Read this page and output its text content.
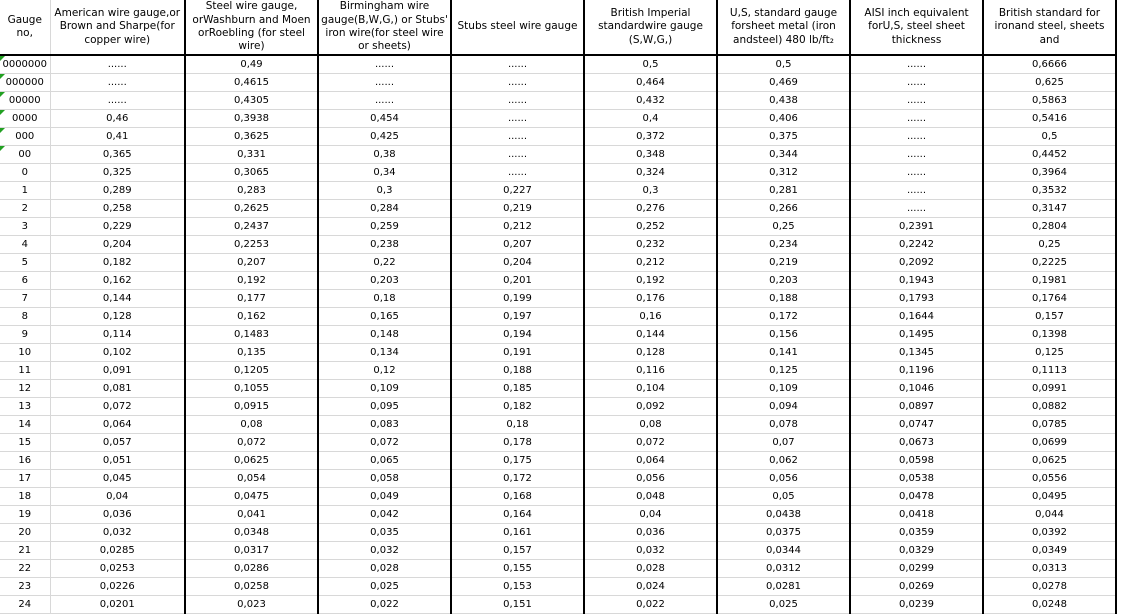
Gauge no,	American wire gauge,or Brown and Sharpe(for copper wire)	Steel wire gauge, orWashburn and Moen orRoebling (for steel wire)	Birmingham wire gauge(B,W,G,) or Stubs' iron wire(for steel wire or sheets)	Stubs steel wire gauge	British Imperial standardwire gauge (S,W,G,)	U,S, standard gauge forsheet metal (iron andsteel) 480 lb/ft₂	AISI inch equivalent forU,S, steel sheet thickness	British standard for ironand steel, sheets and
0000000	......	0,49	......	......	0,5	0,5	......	0,6666
000000	......	0,4615	......	......	0,464	0,469	......	0,625
00000	......	0,4305	......	......	0,432	0,438	......	0,5863
0000	0,46	0,3938	0,454	......	0,4	0,406	......	0,5416
000	0,41	0,3625	0,425	......	0,372	0,375	......	0,5
00	0,365	0,331	0,38	......	0,348	0,344	......	0,4452
0	0,325	0,3065	0,34	......	0,324	0,312	......	0,3964
1	0,289	0,283	0,3	0,227	0,3	0,281	......	0,3532
2	0,258	0,2625	0,284	0,219	0,276	0,266	......	0,3147
3	0,229	0,2437	0,259	0,212	0,252	0,25	0,2391	0,2804
4	0,204	0,2253	0,238	0,207	0,232	0,234	0,2242	0,25
5	0,182	0,207	0,22	0,204	0,212	0,219	0,2092	0,2225
6	0,162	0,192	0,203	0,201	0,192	0,203	0,1943	0,1981
7	0,144	0,177	0,18	0,199	0,176	0,188	0,1793	0,1764
8	0,128	0,162	0,165	0,197	0,16	0,172	0,1644	0,157
9	0,114	0,1483	0,148	0,194	0,144	0,156	0,1495	0,1398
10	0,102	0,135	0,134	0,191	0,128	0,141	0,1345	0,125
11	0,091	0,1205	0,12	0,188	0,116	0,125	0,1196	0,1113
12	0,081	0,1055	0,109	0,185	0,104	0,109	0,1046	0,0991
13	0,072	0,0915	0,095	0,182	0,092	0,094	0,0897	0,0882
14	0,064	0,08	0,083	0,18	0,08	0,078	0,0747	0,0785
15	0,057	0,072	0,072	0,178	0,072	0,07	0,0673	0,0699
16	0,051	0,0625	0,065	0,175	0,064	0,062	0,0598	0,0625
17	0,045	0,054	0,058	0,172	0,056	0,056	0,0538	0,0556
18	0,04	0,0475	0,049	0,168	0,048	0,05	0,0478	0,0495
19	0,036	0,041	0,042	0,164	0,04	0,0438	0,0418	0,044
20	0,032	0,0348	0,035	0,161	0,036	0,0375	0,0359	0,0392
21	0,0285	0,0317	0,032	0,157	0,032	0,0344	0,0329	0,0349
22	0,0253	0,0286	0,028	0,155	0,028	0,0312	0,0299	0,0313
23	0,0226	0,0258	0,025	0,153	0,024	0,0281	0,0269	0,0278
24	0,0201	0,023	0,022	0,151	0,022	0,025	0,0239	0,0248
